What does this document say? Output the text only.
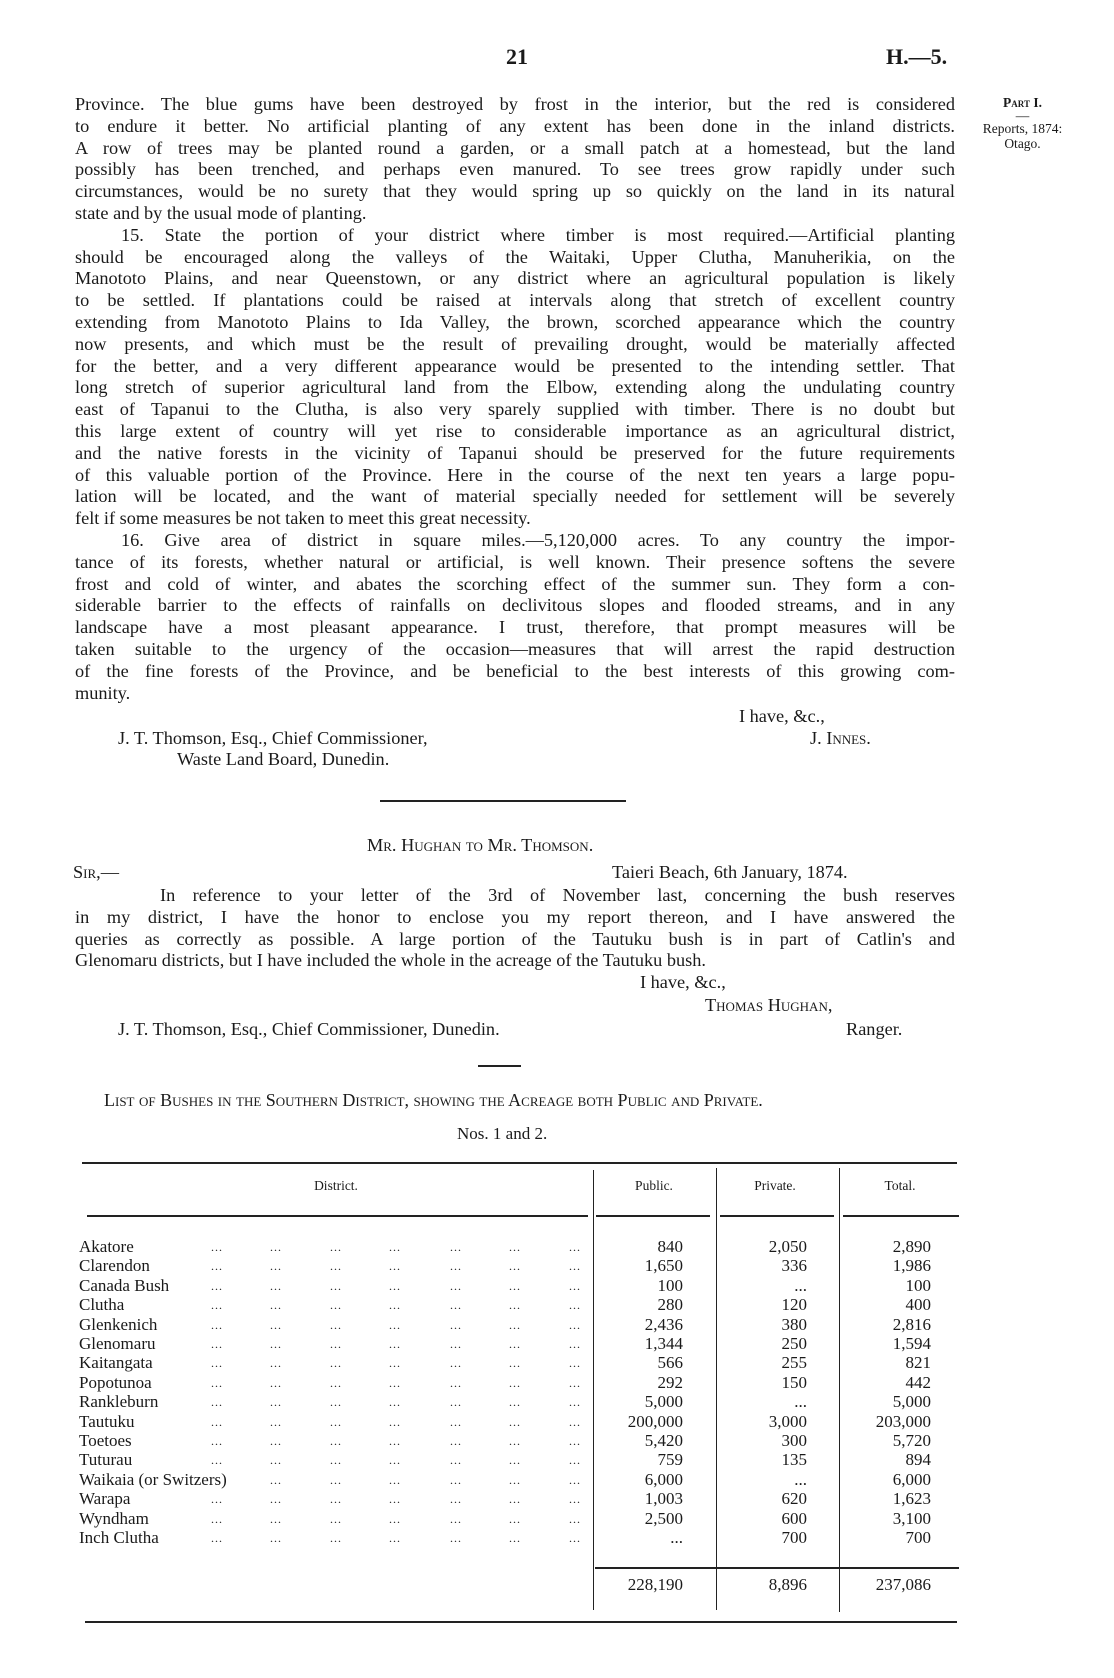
21	H.—5.
Part I.
—
Reports, 1874:
Otago.
Province. The blue gums have been destroyed by frost in the interior, but the red is considered
to endure it better. No artificial planting of any extent has been done in the inland districts.
A row of trees may be planted round a garden, or a small patch at a homestead, but the land
possibly has been trenched, and perhaps even manured. To see trees grow rapidly under such
circumstances, would be no surety that they would spring up so quickly on the land in its natural
state and by the usual mode of planting.
15. State the portion of your district where timber is most required.—Artificial planting
should be encouraged along the valleys of the Waitaki, Upper Clutha, Manuherikia, on the
Manototo Plains, and near Queenstown, or any district where an agricultural population is likely
to be settled. If plantations could be raised at intervals along that stretch of excellent country
extending from Manototo Plains to Ida Valley, the brown, scorched appearance which the country
now presents, and which must be the result of prevailing drought, would be materially affected
for the better, and a very different appearance would be presented to the intending settler. That
long stretch of superior agricultural land from the Elbow, extending along the undulating country
east of Tapanui to the Clutha, is also very sparely supplied with timber. There is no doubt but
this large extent of country will yet rise to considerable importance as an agricultural district,
and the native forests in the vicinity of Tapanui should be preserved for the future requirements
of this valuable portion of the Province. Here in the course of the next ten years a large popu-
lation will be located, and the want of material specially needed for settlement will be severely
felt if some measures be not taken to meet this great necessity.
16. Give area of district in square miles.—5,120,000 acres. To any country the impor-
tance of its forests, whether natural or artificial, is well known. Their presence softens the severe
frost and cold of winter, and abates the scorching effect of the summer sun. They form a con-
siderable barrier to the effects of rainfalls on declivitous slopes and flooded streams, and in any
landscape have a most pleasant appearance. I trust, therefore, that prompt measures will be
taken suitable to the urgency of the occasion—measures that will arrest the rapid destruction
of the fine forests of the Province, and be beneficial to the best interests of this growing com-
munity.
I have, &c.,
J. Innes.
J. T. Thomson, Esq., Chief Commissioner,
Waste Land Board, Dunedin.
Mr. Hughan to Mr. Thomson.
Sir,—	Taieri Beach, 6th January, 1874.
In reference to your letter of the 3rd of November last, concerning the bush reserves
in my district, I have the honor to enclose you my report thereon, and I have answered the
queries as correctly as possible. A large portion of the Tautuku bush is in part of Catlin's and
Glenomaru districts, but I have included the whole in the acreage of the Tautuku bush.
I have, &c.,
Thomas Hughan,
J. T. Thomson, Esq., Chief Commissioner, Dunedin.	Ranger.
List of Bushes in the Southern District, showing the Acreage both Public and Private.
Nos. 1 and 2.
District.	Public.	Private.	Total.
Akatore	...	...	...	...	...	...	...	840	2,050	2,890
Clarendon	...	...	...	...	...	...	...	1,650	336	1,986
Canada Bush	...	...	...	...	...	...	...	100	...	100
Clutha	...	...	...	...	...	...	...	280	120	400
Glenkenich	...	...	...	...	...	...	...	2,436	380	2,816
Glenomaru	...	...	...	...	...	...	...	1,344	250	1,594
Kaitangata	...	...	...	...	...	...	...	566	255	821
Popotunoa	...	...	...	...	...	...	...	292	150	442
Rankleburn	...	...	...	...	...	...	...	5,000	...	5,000
Tautuku	...	...	...	...	...	...	...	200,000	3,000	203,000
Toetoes	...	...	...	...	...	...	...	5,420	300	5,720
Tuturau	...	...	...	...	...	...	...	759	135	894
Waikaia (or Switzers)	...	...	...	...	...	...	6,000	...	6,000
Warapa	...	...	...	...	...	...	...	1,003	620	1,623
Wyndham	...	...	...	...	...	...	...	2,500	600	3,100
Inch Clutha	...	...	...	...	...	...	...	...	700	700
228,190	8,896	237,086
